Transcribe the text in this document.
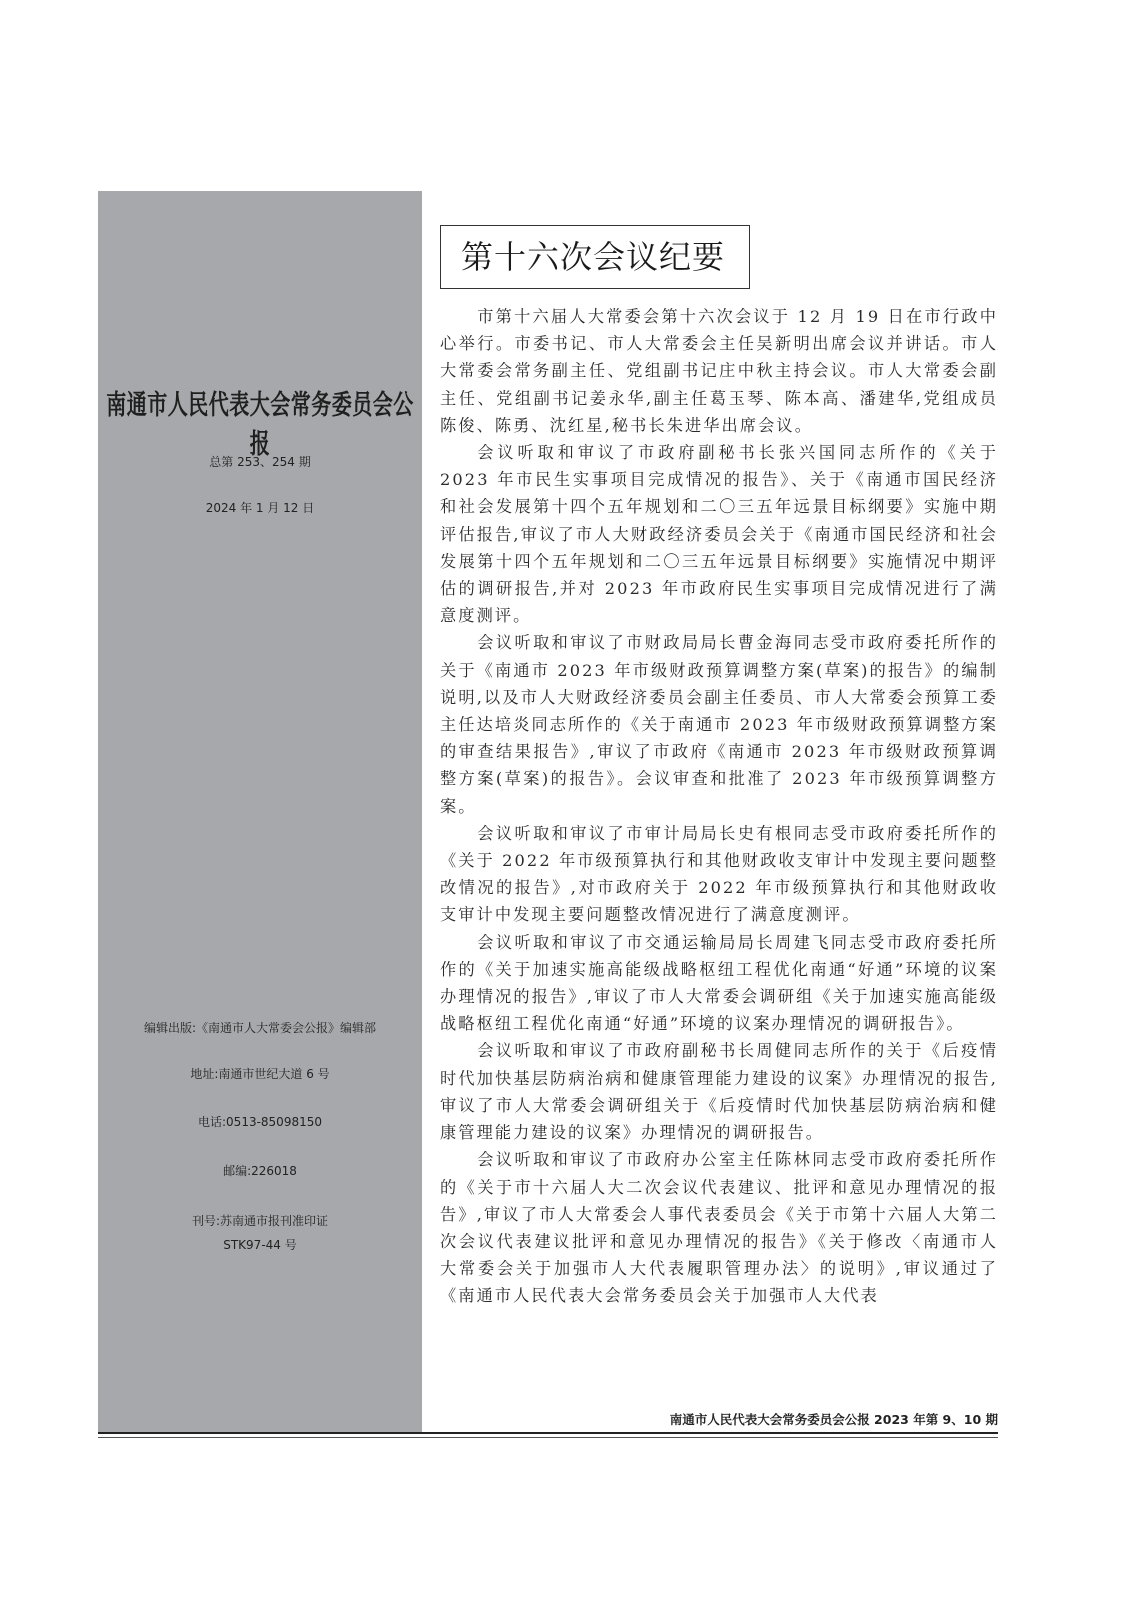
南通市人民代表大会常务委员会公报
总第 253、254 期
2024 年 1 月 12 日
编辑出版:《南通市人大常委会公报》编辑部
地址:南通市世纪大道 6 号
电话:0513-85098150
邮编:226018
刊号:苏南通市报刊准印证
STK97-44 号
第十六次会议纪要

市第十六届人大常委会第十六次会议于 12 月 19 日在市行政中心举行。市委书记、市人大常委会主任吴新明出席会议并讲话。市人大常委会常务副主任、党组副书记庄中秋主持会议。市人大常委会副主任、党组副书记姜永华,副主任葛玉琴、陈本高、潘建华,党组成员陈俊、陈勇、沈红星,秘书长朱进华出席会议。

会议听取和审议了市政府副秘书长张兴国同志所作的《关于2023 年市民生实事项目完成情况的报告》、关于《南通市国民经济和社会发展第十四个五年规划和二〇三五年远景目标纲要》实施中期评估报告,审议了市人大财政经济委员会关于《南通市国民经济和社会发展第十四个五年规划和二〇三五年远景目标纲要》实施情况中期评估的调研报告,并对 2023 年市政府民生实事项目完成情况进行了满意度测评。

会议听取和审议了市财政局局长曹金海同志受市政府委托所作的关于《南通市 2023 年市级财政预算调整方案(草案)的报告》的编制说明,以及市人大财政经济委员会副主任委员、市人大常委会预算工委主任达培炎同志所作的《关于南通市 2023 年市级财政预算调整方案的审查结果报告》,审议了市政府《南通市 2023 年市级财政预算调整方案(草案)的报告》。会议审查和批准了 2023 年市级预算调整方案。

会议听取和审议了市审计局局长史有根同志受市政府委托所作的《关于 2022 年市级预算执行和其他财政收支审计中发现主要问题整改情况的报告》,对市政府关于 2022 年市级预算执行和其他财政收支审计中发现主要问题整改情况进行了满意度测评。

会议听取和审议了市交通运输局局长周建飞同志受市政府委托所作的《关于加速实施高能级战略枢纽工程优化南通“好通”环境的议案办理情况的报告》,审议了市人大常委会调研组《关于加速实施高能级战略枢纽工程优化南通“好通”环境的议案办理情况的调研报告》。

会议听取和审议了市政府副秘书长周健同志所作的关于《后疫情时代加快基层防病治病和健康管理能力建设的议案》办理情况的报告,审议了市人大常委会调研组关于《后疫情时代加快基层防病治病和健康管理能力建设的议案》办理情况的调研报告。

会议听取和审议了市政府办公室主任陈林同志受市政府委托所作的《关于市十六届人大二次会议代表建议、批评和意见办理情况的报告》,审议了市人大常委会人事代表委员会《关于市第十六届人大第二次会议代表建议批评和意见办理情况的报告》《关于修改〈南通市人大常委会关于加强市人大代表履职管理办法〉的说明》,审议通过了《南通市人民代表大会常务委员会关于加强市人大代表

南通市人民代表大会常务委员会公报 2023 年第 9、10 期
